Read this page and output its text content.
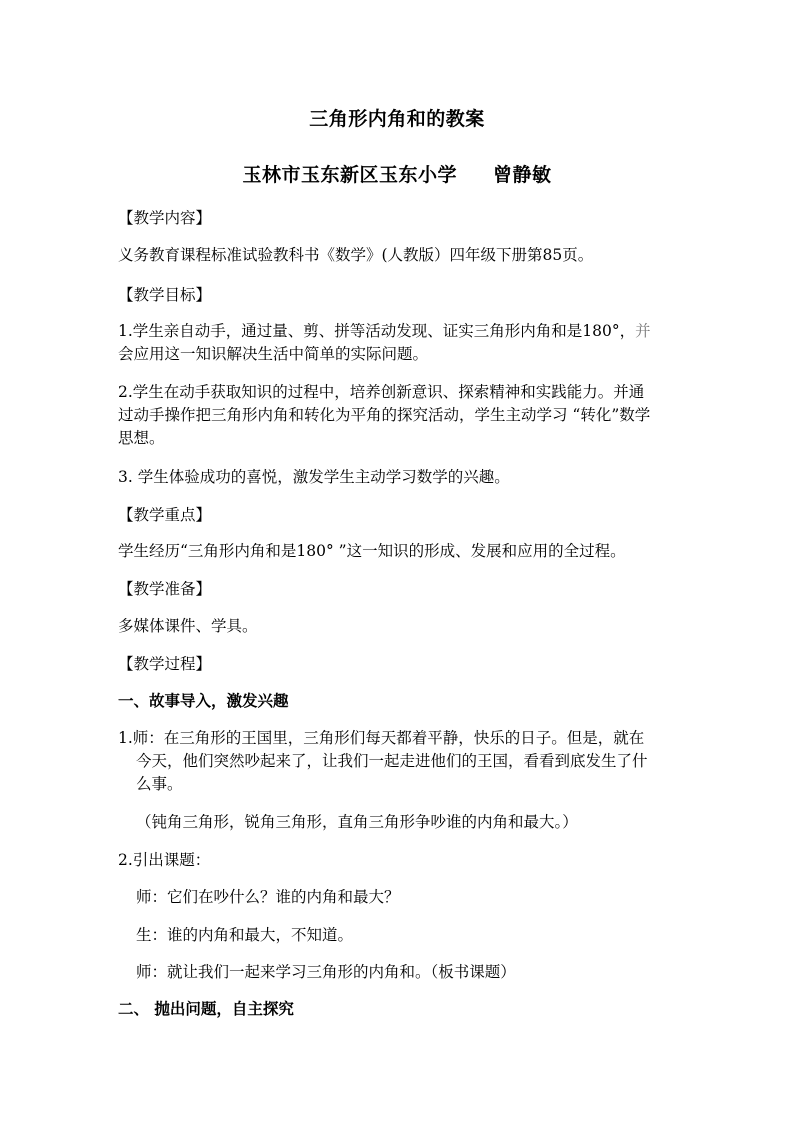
三角形内角和的教案
玉林市玉东新区玉东小学 曾静敏
【教学内容】
义务教育课程标准试验教科书《数学》(人教版）四年级下册第85页。
【教学目标】
1.学生亲自动手，通过量、剪、拼等活动发现、证实三角形内角和是180°，并
会应用这一知识解决生活中简单的实际问题。
2.学生在动手获取知识的过程中，培养创新意识、探索精神和实践能力。并通
过动手操作把三角形内角和转化为平角的探究活动，学生主动学习 “转化”数学
思想。
3. 学生体验成功的喜悦，激发学生主动学习数学的兴趣。
【教学重点】
学生经历“三角形内角和是180° ”这一知识的形成、发展和应用的全过程。
【教学准备】
多媒体课件、学具。
【教学过程】
一、故事导入，激发兴趣
1.师：在三角形的王国里，三角形们每天都着平静，快乐的日子。但是，就在
今天，他们突然吵起来了，让我们一起走进他们的王国，看看到底发生了什
么事。
（钝角三角形，锐角三角形，直角三角形争吵谁的内角和最大。）
2.引出课题：
师：它们在吵什么？谁的内角和最大？
生：谁的内角和最大，不知道。
师：就让我们一起来学习三角形的内角和。（板书课题）
二、 抛出问题，自主探究
